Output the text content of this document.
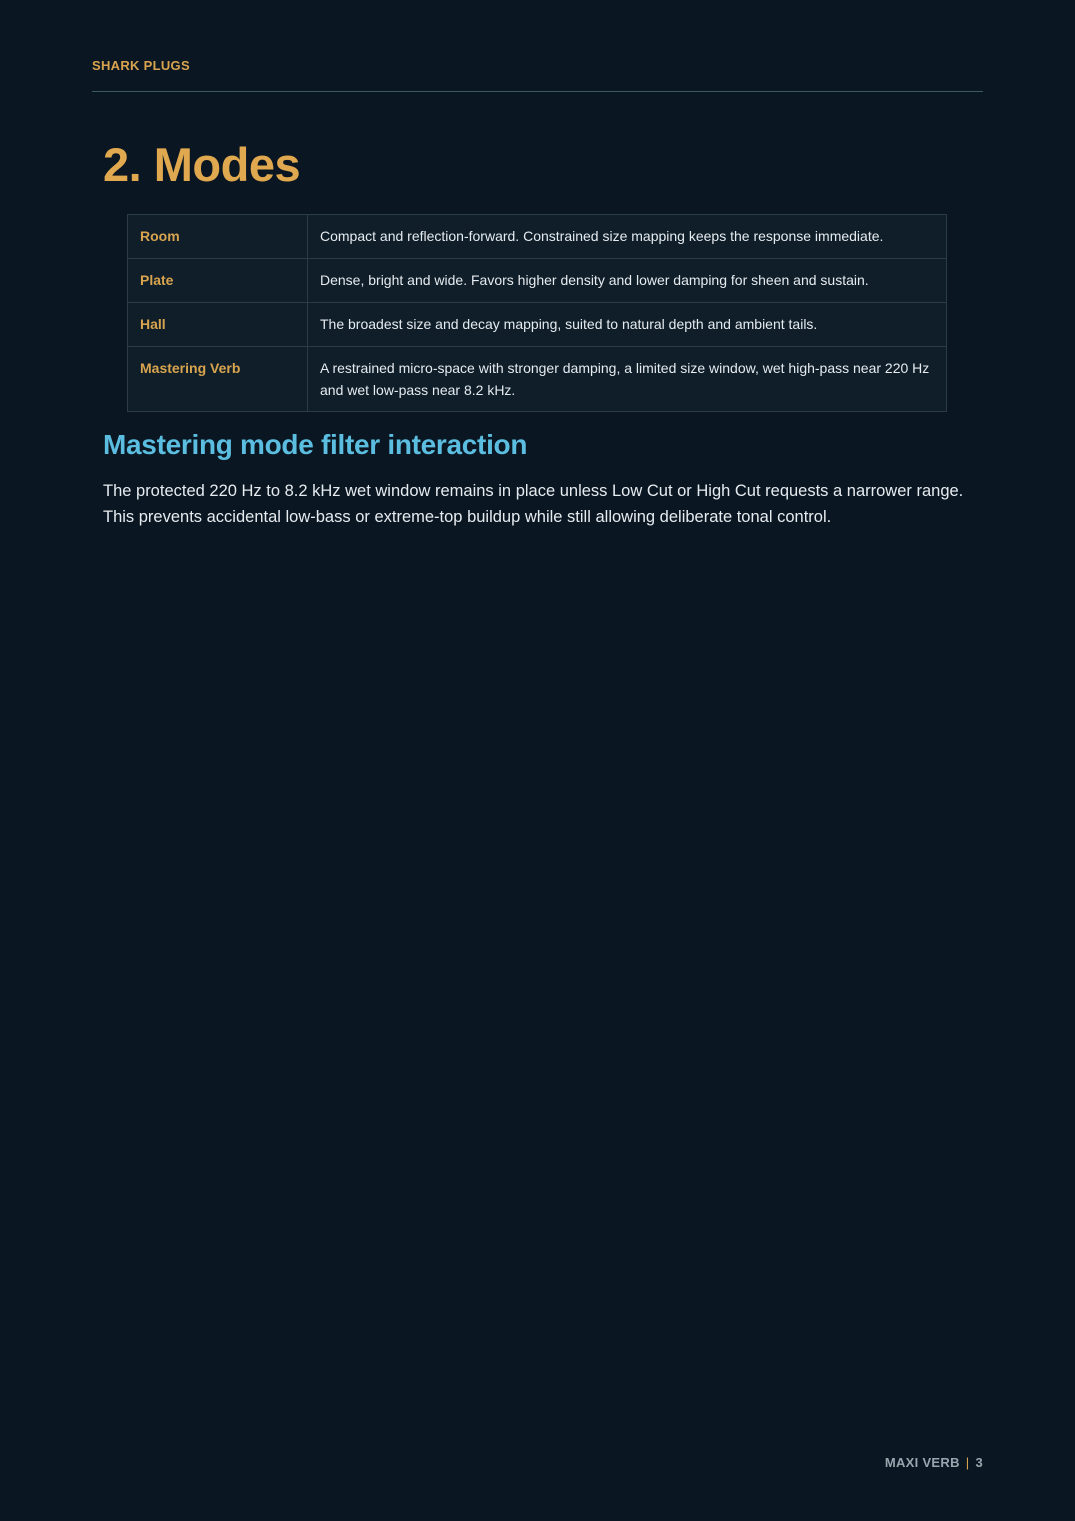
SHARK PLUGS
2. Modes
Room	Compact and reflection-forward. Constrained size mapping keeps the response immediate.
Plate	Dense, bright and wide. Favors higher density and lower damping for sheen and sustain.
Hall	The broadest size and decay mapping, suited to natural depth and ambient tails.
Mastering Verb	A restrained micro-space with stronger damping, a limited size window, wet high-pass near 220 Hz and wet low-pass near 8.2 kHz.
Mastering mode filter interaction

The protected 220 Hz to 8.2 kHz wet window remains in place unless Low Cut or High Cut requests a narrower range. This prevents accidental low-bass or extreme-top buildup while still allowing deliberate tonal control.

MAXI VERB | 3
